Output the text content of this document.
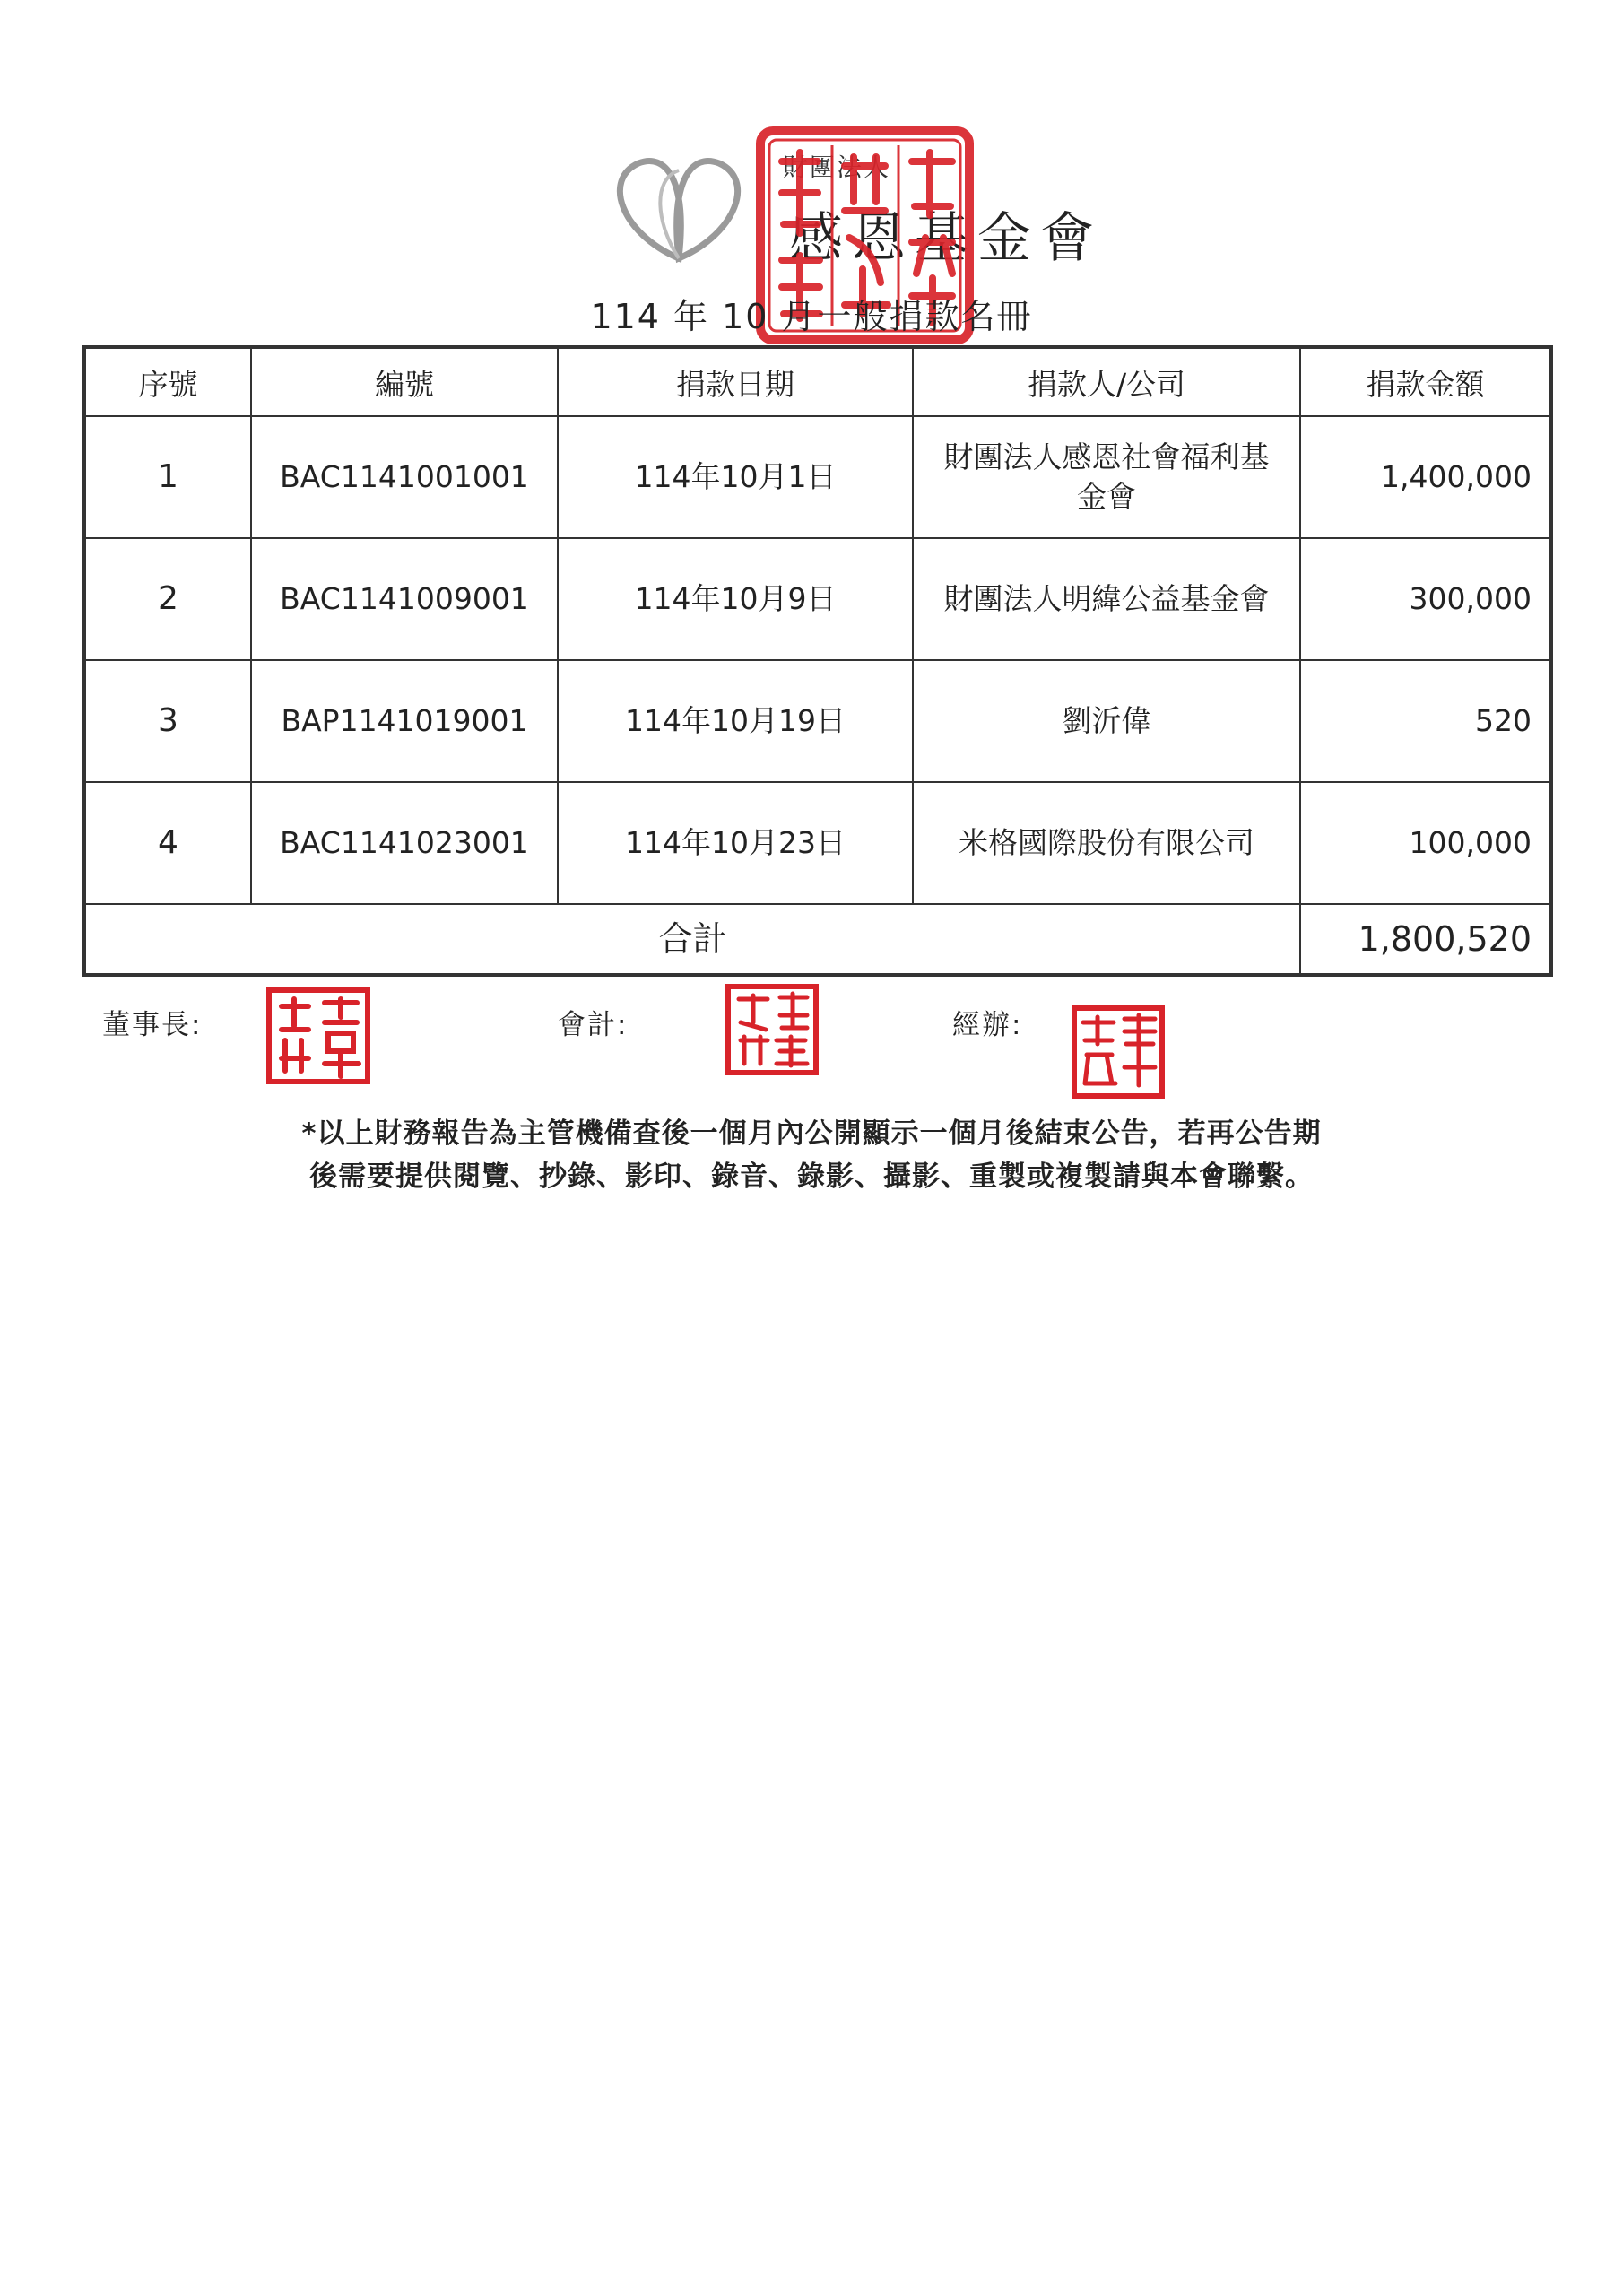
財團法人
感恩基金會
114 年 10 月一般捐款名冊
序號	編號	捐款日期	捐款人/公司	捐款金額
1	BAC1141001001	114年10月1日	財團法人感恩社會福利基金會	1,400,000
2	BAC1141009001	114年10月9日	財團法人明緯公益基金會	300,000
3	BAP1141019001	114年10月19日	劉沂偉	520
4	BAC1141023001	114年10月23日	米格國際股份有限公司	100,000
合計				1,800,520
董事長:	會計:	經辦:
*以上財務報告為主管機備查後一個月內公開顯示一個月後結束公告，若再公告期
後需要提供閱覽、抄錄、影印、錄音、錄影、攝影、重製或複製請與本會聯繫。
